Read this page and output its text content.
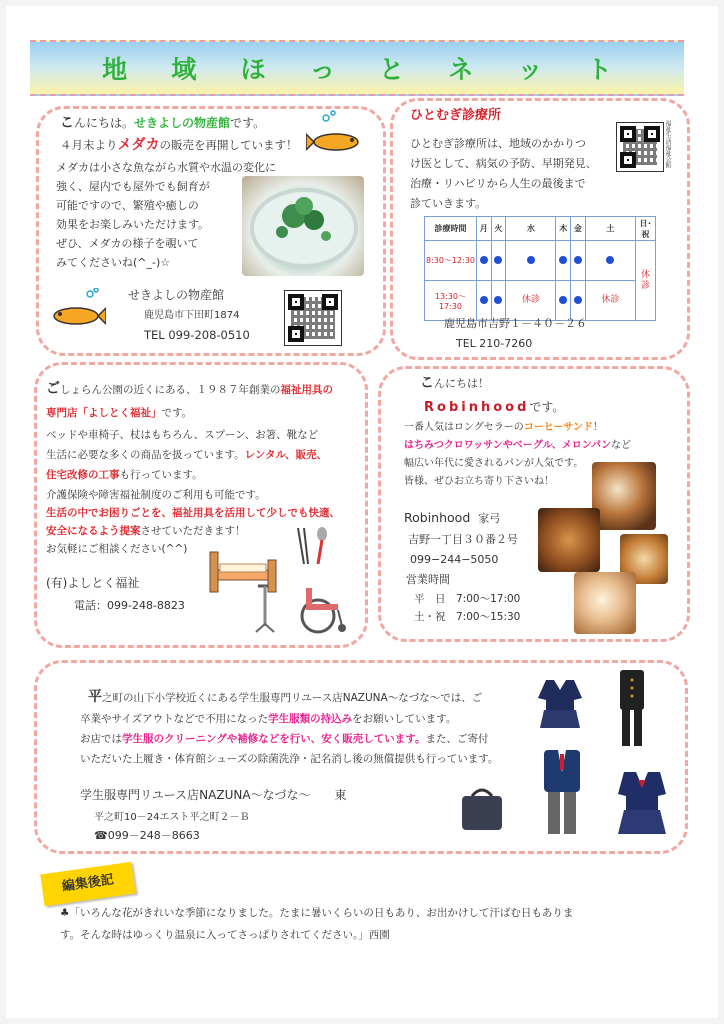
地 域 ほ っ と ネ ッ ト
こんにちは。せきよしの物産館です。
４月末よりメダカの販売を再開しています！
メダカは小さな魚ながら水質や水温の変化に
強く、屋内でも屋外でも飼育が
可能ですので、繁殖や癒しの
効果をお楽しみいただけます。
ぜひ、メダカの様子を覗いて
みてくださいね(^_-)☆
せきよしの物産館
鹿児島市下田町1874
TEL 099-208-0510
ひとむぎ診療所
ひとむぎ診療所は、地域のかかりつ
け医として、病気の予防、早期発見、
治療・リハビリから人生の最後まで
診ていきます。
福祉生活福祉会館
診療時間	月	火	水	木	金	土	日･祝
8:30〜12:30							休診
13:30〜17:30			休診			休診	
鹿児島市吉野１－４０－２６
TEL 210-7260
ごしょらん公園の近くにある、１９８７年創業の福祉用具の
専門店「よしとく福祉」です。
ベッドや車椅子、杖はもちろん、スプーン、お箸、靴など
生活に必要な多くの商品を扱っています。レンタル、販売、
住宅改修の工事も行っています。
介護保険や障害福祉制度のご利用も可能です。
生活の中でお困りごとを、福祉用具を活用して少しでも快適、
安全になるよう提案させていただきます！
お気軽にご相談ください(^^)
(有)よしとく福祉
電話：099-248-8823
こんにちは！
Robinhoodです。
一番人気はロングセラーのコーヒーサンド！
はちみつクロワッサンやベーグル、メロンパンなど
幅広い年代に愛されるパンが人気です。
皆様、ぜひお立ち寄り下さいね！
Robinhood 家弓
吉野一丁目３０番２号
099−244−5050
営業時間
平　日　7:00〜17:00
土・祝　7:00〜15:30
平之町の山下小学校近くにある学生服専門リユース店NAZUNA〜なづな〜では、ご
卒業やサイズアウトなどで不用になった学生服類の持込みをお願いしています。
お店では学生服のクリーニングや補修などを行い、安く販売しています。また、ご寄付
いただいた上履き・体育館シューズの除菌洗浄・記名消し後の無償提供も行っています。
学生服専門リユース店NAZUNA〜なづな〜　　東
平之町10－24エスト平之町２－Ｂ
☎099－248－8663
編集後記
♣「いろんな花がきれいな季節になりました。たまに暑いくらいの日もあり、お出かけして汗ばむ日もありま
す。そんな時はゆっくり温泉に入ってさっぱりされてください。」西園
